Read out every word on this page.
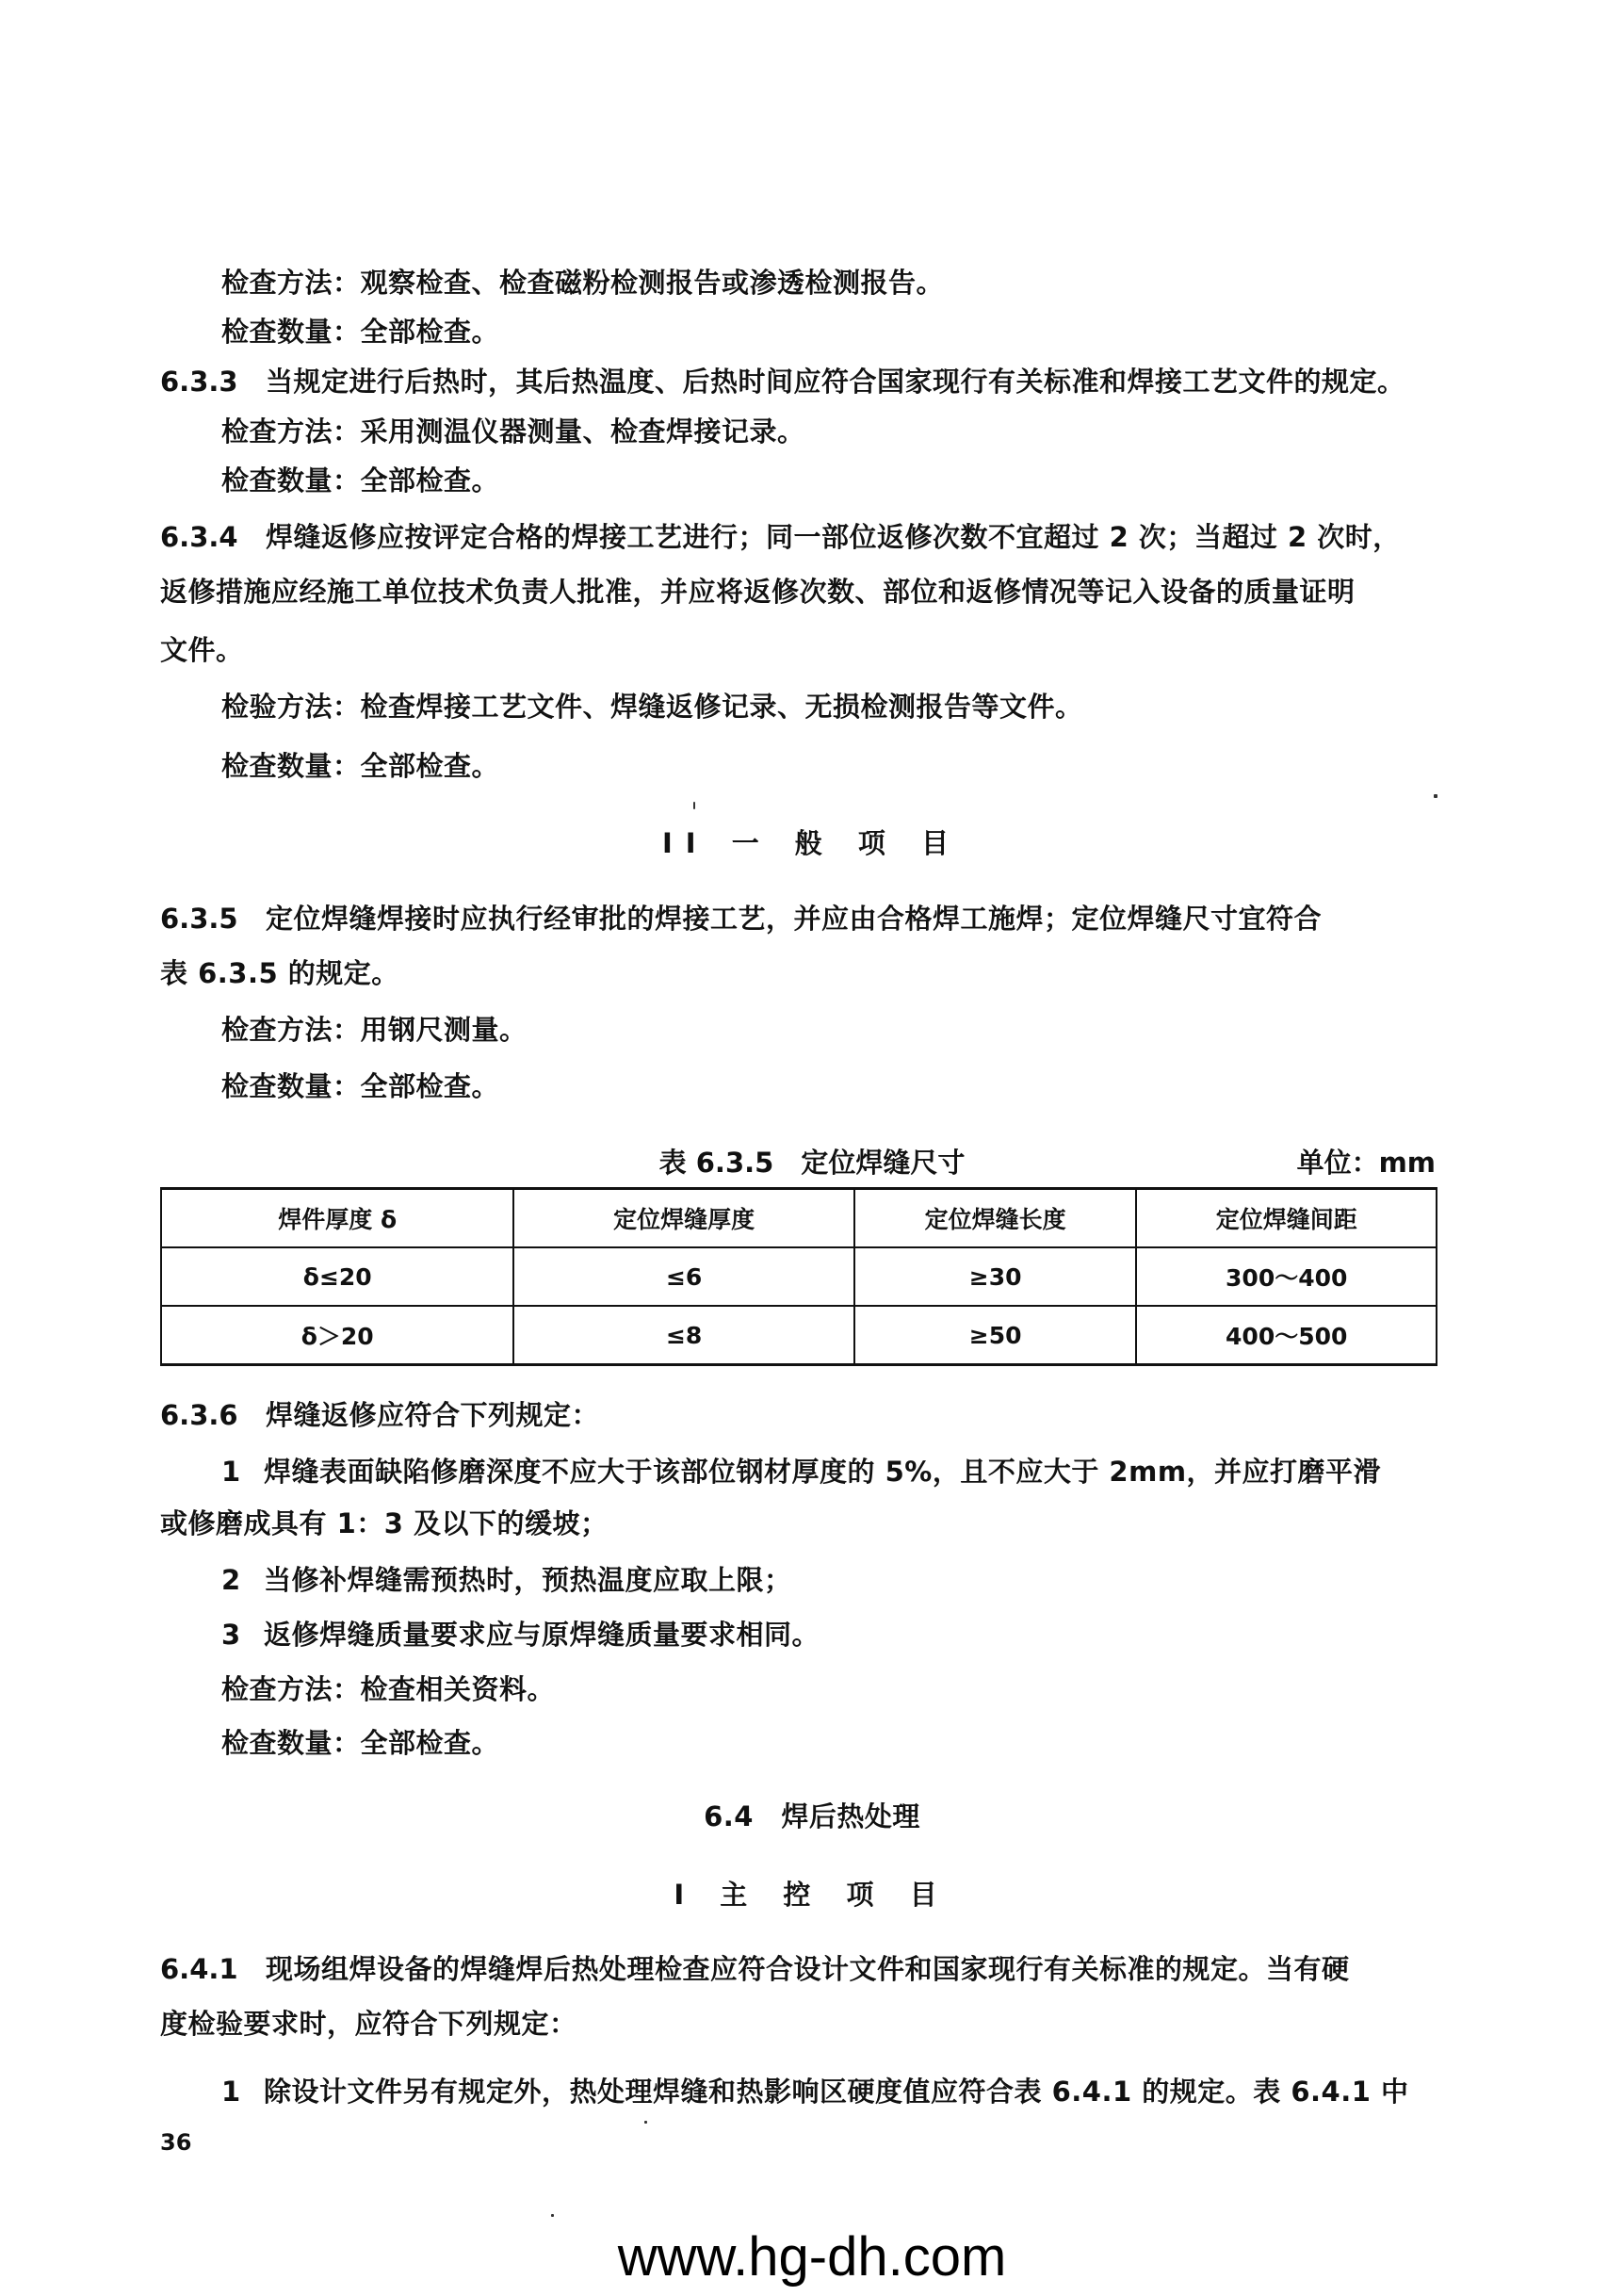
检查方法：观察检查、检查磁粉检测报告或渗透检测报告。
检查数量：全部检查。
6.3.3 当规定进行后热时，其后热温度、后热时间应符合国家现行有关标准和焊接工艺文件的规定。
检查方法：采用测温仪器测量、检查焊接记录。
检查数量：全部检查。
6.3.4 焊缝返修应按评定合格的焊接工艺进行；同一部位返修次数不宜超过 2 次；当超过 2 次时，
返修措施应经施工单位技术负责人批准，并应将返修次数、部位和返修情况等记入设备的质量证明
文件。
检验方法：检查焊接工艺文件、焊缝返修记录、无损检测报告等文件。
检查数量：全部检查。
II 一 般 项 目
6.3.5 定位焊缝焊接时应执行经审批的焊接工艺，并应由合格焊工施焊；定位焊缝尺寸宜符合
表 6.3.5 的规定。
检查方法：用钢尺测量。
检查数量：全部检查。
表 6.3.5　定位焊缝尺寸	单位：mm
焊件厚度 δ	定位焊缝厚度	定位焊缝长度	定位焊缝间距
δ≤20	≤6	≥30	300～400
δ＞20	≤8	≥50	400～500
6.3.6 焊缝返修应符合下列规定：
1 焊缝表面缺陷修磨深度不应大于该部位钢材厚度的 5%，且不应大于 2mm，并应打磨平滑
或修磨成具有 1：3 及以下的缓坡；
2 当修补焊缝需预热时，预热温度应取上限；
3 返修焊缝质量要求应与原焊缝质量要求相同。
检查方法：检查相关资料。
检查数量：全部检查。
6.4　焊后热处理
I 主 控 项 目
6.4.1 现场组焊设备的焊缝焊后热处理检查应符合设计文件和国家现行有关标准的规定。当有硬
度检验要求时，应符合下列规定：
1 除设计文件另有规定外，热处理焊缝和热影响区硬度值应符合表 6.4.1 的规定。表 6.4.1 中
36
www.hg-dh.com
